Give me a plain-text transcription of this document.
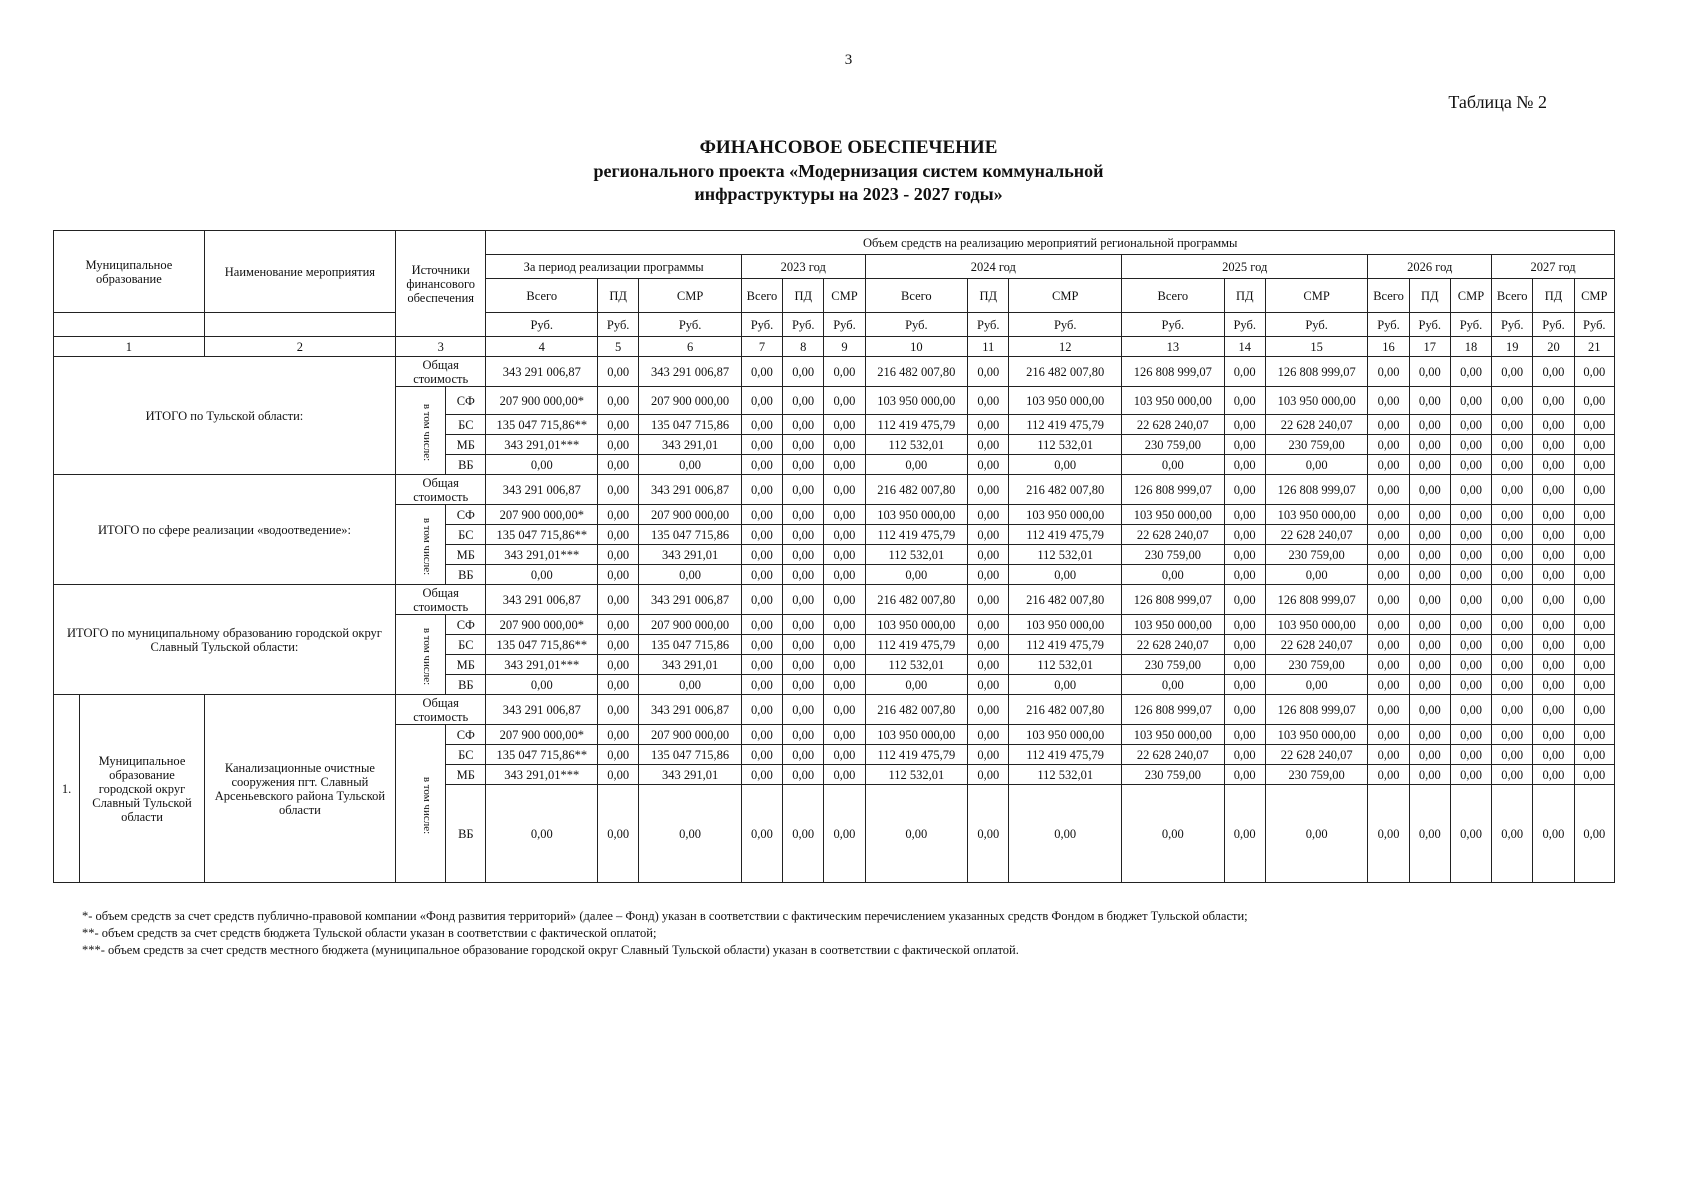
3
Таблица № 2
ФИНАНСОВОЕ ОБЕСПЕЧЕНИЕ
регионального проекта «Модернизация систем коммунальной
инфраструктуры на 2023 - 2027 годы»
Муниципальное образование		Наименование мероприятия	Источники финансового обеспечения		Объем средств на реализацию мероприятий региональной программы																	
					За период реализации программы			2023 год			2024 год			2025 год			2026 год			2027 год		
					Всего	ПД	СМР	Всего	ПД	СМР	Всего	ПД	СМР	Всего	ПД	СМР	Всего	ПД	СМР	Всего	ПД	СМР
					Руб.	Руб.	Руб.	Руб.	Руб.	Руб.	Руб.	Руб.	Руб.	Руб.	Руб.	Руб.	Руб.	Руб.	Руб.	Руб.	Руб.	Руб.
1		2	3		4	5	6	7	8	9	10	11	12	13	14	15	16	17	18	19	20	21
ИТОГО по Тульской области:			Общая стоимость		343 291 006,87	0,00	343 291 006,87	0,00	0,00	0,00	216 482 007,80	0,00	216 482 007,80	126 808 999,07	0,00	126 808 999,07	0,00	0,00	0,00	0,00	0,00	0,00
			в том числе:	СФ	207 900 000,00*	0,00	207 900 000,00	0,00	0,00	0,00	103 950 000,00	0,00	103 950 000,00	103 950 000,00	0,00	103 950 000,00	0,00	0,00	0,00	0,00	0,00	0,00
				БС	135 047 715,86**	0,00	135 047 715,86	0,00	0,00	0,00	112 419 475,79	0,00	112 419 475,79	22 628 240,07	0,00	22 628 240,07	0,00	0,00	0,00	0,00	0,00	0,00
				МБ	343 291,01***	0,00	343 291,01	0,00	0,00	0,00	112 532,01	0,00	112 532,01	230 759,00	0,00	230 759,00	0,00	0,00	0,00	0,00	0,00	0,00
				ВБ	0,00	0,00	0,00	0,00	0,00	0,00	0,00	0,00	0,00	0,00	0,00	0,00	0,00	0,00	0,00	0,00	0,00	0,00
ИТОГО по сфере реализации «водоотведение»:			Общая стоимость		343 291 006,87	0,00	343 291 006,87	0,00	0,00	0,00	216 482 007,80	0,00	216 482 007,80	126 808 999,07	0,00	126 808 999,07	0,00	0,00	0,00	0,00	0,00	0,00
			в том числе:	СФ	207 900 000,00*	0,00	207 900 000,00	0,00	0,00	0,00	103 950 000,00	0,00	103 950 000,00	103 950 000,00	0,00	103 950 000,00	0,00	0,00	0,00	0,00	0,00	0,00
				БС	135 047 715,86**	0,00	135 047 715,86	0,00	0,00	0,00	112 419 475,79	0,00	112 419 475,79	22 628 240,07	0,00	22 628 240,07	0,00	0,00	0,00	0,00	0,00	0,00
				МБ	343 291,01***	0,00	343 291,01	0,00	0,00	0,00	112 532,01	0,00	112 532,01	230 759,00	0,00	230 759,00	0,00	0,00	0,00	0,00	0,00	0,00
				ВБ	0,00	0,00	0,00	0,00	0,00	0,00	0,00	0,00	0,00	0,00	0,00	0,00	0,00	0,00	0,00	0,00	0,00	0,00
ИТОГО по муниципальному образованию городской округ Славный Тульской области:			Общая стоимость		343 291 006,87	0,00	343 291 006,87	0,00	0,00	0,00	216 482 007,80	0,00	216 482 007,80	126 808 999,07	0,00	126 808 999,07	0,00	0,00	0,00	0,00	0,00	0,00
			в том числе:	СФ	207 900 000,00*	0,00	207 900 000,00	0,00	0,00	0,00	103 950 000,00	0,00	103 950 000,00	103 950 000,00	0,00	103 950 000,00	0,00	0,00	0,00	0,00	0,00	0,00
				БС	135 047 715,86**	0,00	135 047 715,86	0,00	0,00	0,00	112 419 475,79	0,00	112 419 475,79	22 628 240,07	0,00	22 628 240,07	0,00	0,00	0,00	0,00	0,00	0,00
				МБ	343 291,01***	0,00	343 291,01	0,00	0,00	0,00	112 532,01	0,00	112 532,01	230 759,00	0,00	230 759,00	0,00	0,00	0,00	0,00	0,00	0,00
				ВБ	0,00	0,00	0,00	0,00	0,00	0,00	0,00	0,00	0,00	0,00	0,00	0,00	0,00	0,00	0,00	0,00	0,00	0,00
1.	Муниципальное образование городской округ Славный Тульской области	Канализационные очистные сооружения пгт. Славный Арсеньевского района Тульской области	Общая стоимость		343 291 006,87	0,00	343 291 006,87	0,00	0,00	0,00	216 482 007,80	0,00	216 482 007,80	126 808 999,07	0,00	126 808 999,07	0,00	0,00	0,00	0,00	0,00	0,00
			в том числе:	СФ	207 900 000,00*	0,00	207 900 000,00	0,00	0,00	0,00	103 950 000,00	0,00	103 950 000,00	103 950 000,00	0,00	103 950 000,00	0,00	0,00	0,00	0,00	0,00	0,00
				БС	135 047 715,86**	0,00	135 047 715,86	0,00	0,00	0,00	112 419 475,79	0,00	112 419 475,79	22 628 240,07	0,00	22 628 240,07	0,00	0,00	0,00	0,00	0,00	0,00
				МБ	343 291,01***	0,00	343 291,01	0,00	0,00	0,00	112 532,01	0,00	112 532,01	230 759,00	0,00	230 759,00	0,00	0,00	0,00	0,00	0,00	0,00
				ВБ	0,00	0,00	0,00	0,00	0,00	0,00	0,00	0,00	0,00	0,00	0,00	0,00	0,00	0,00	0,00	0,00	0,00	0,00
*- объем средств за счет средств публично-правовой компании «Фонд развития территорий» (далее – Фонд) указан в соответствии с фактическим перечислением указанных средств Фондом в бюджет Тульской области;
**- объем средств за счет средств бюджета Тульской области указан в соответствии с фактической оплатой;
***- объем средств за счет средств местного бюджета (муниципальное образование городской округ Славный Тульской области) указан в соответствии с фактической оплатой.
